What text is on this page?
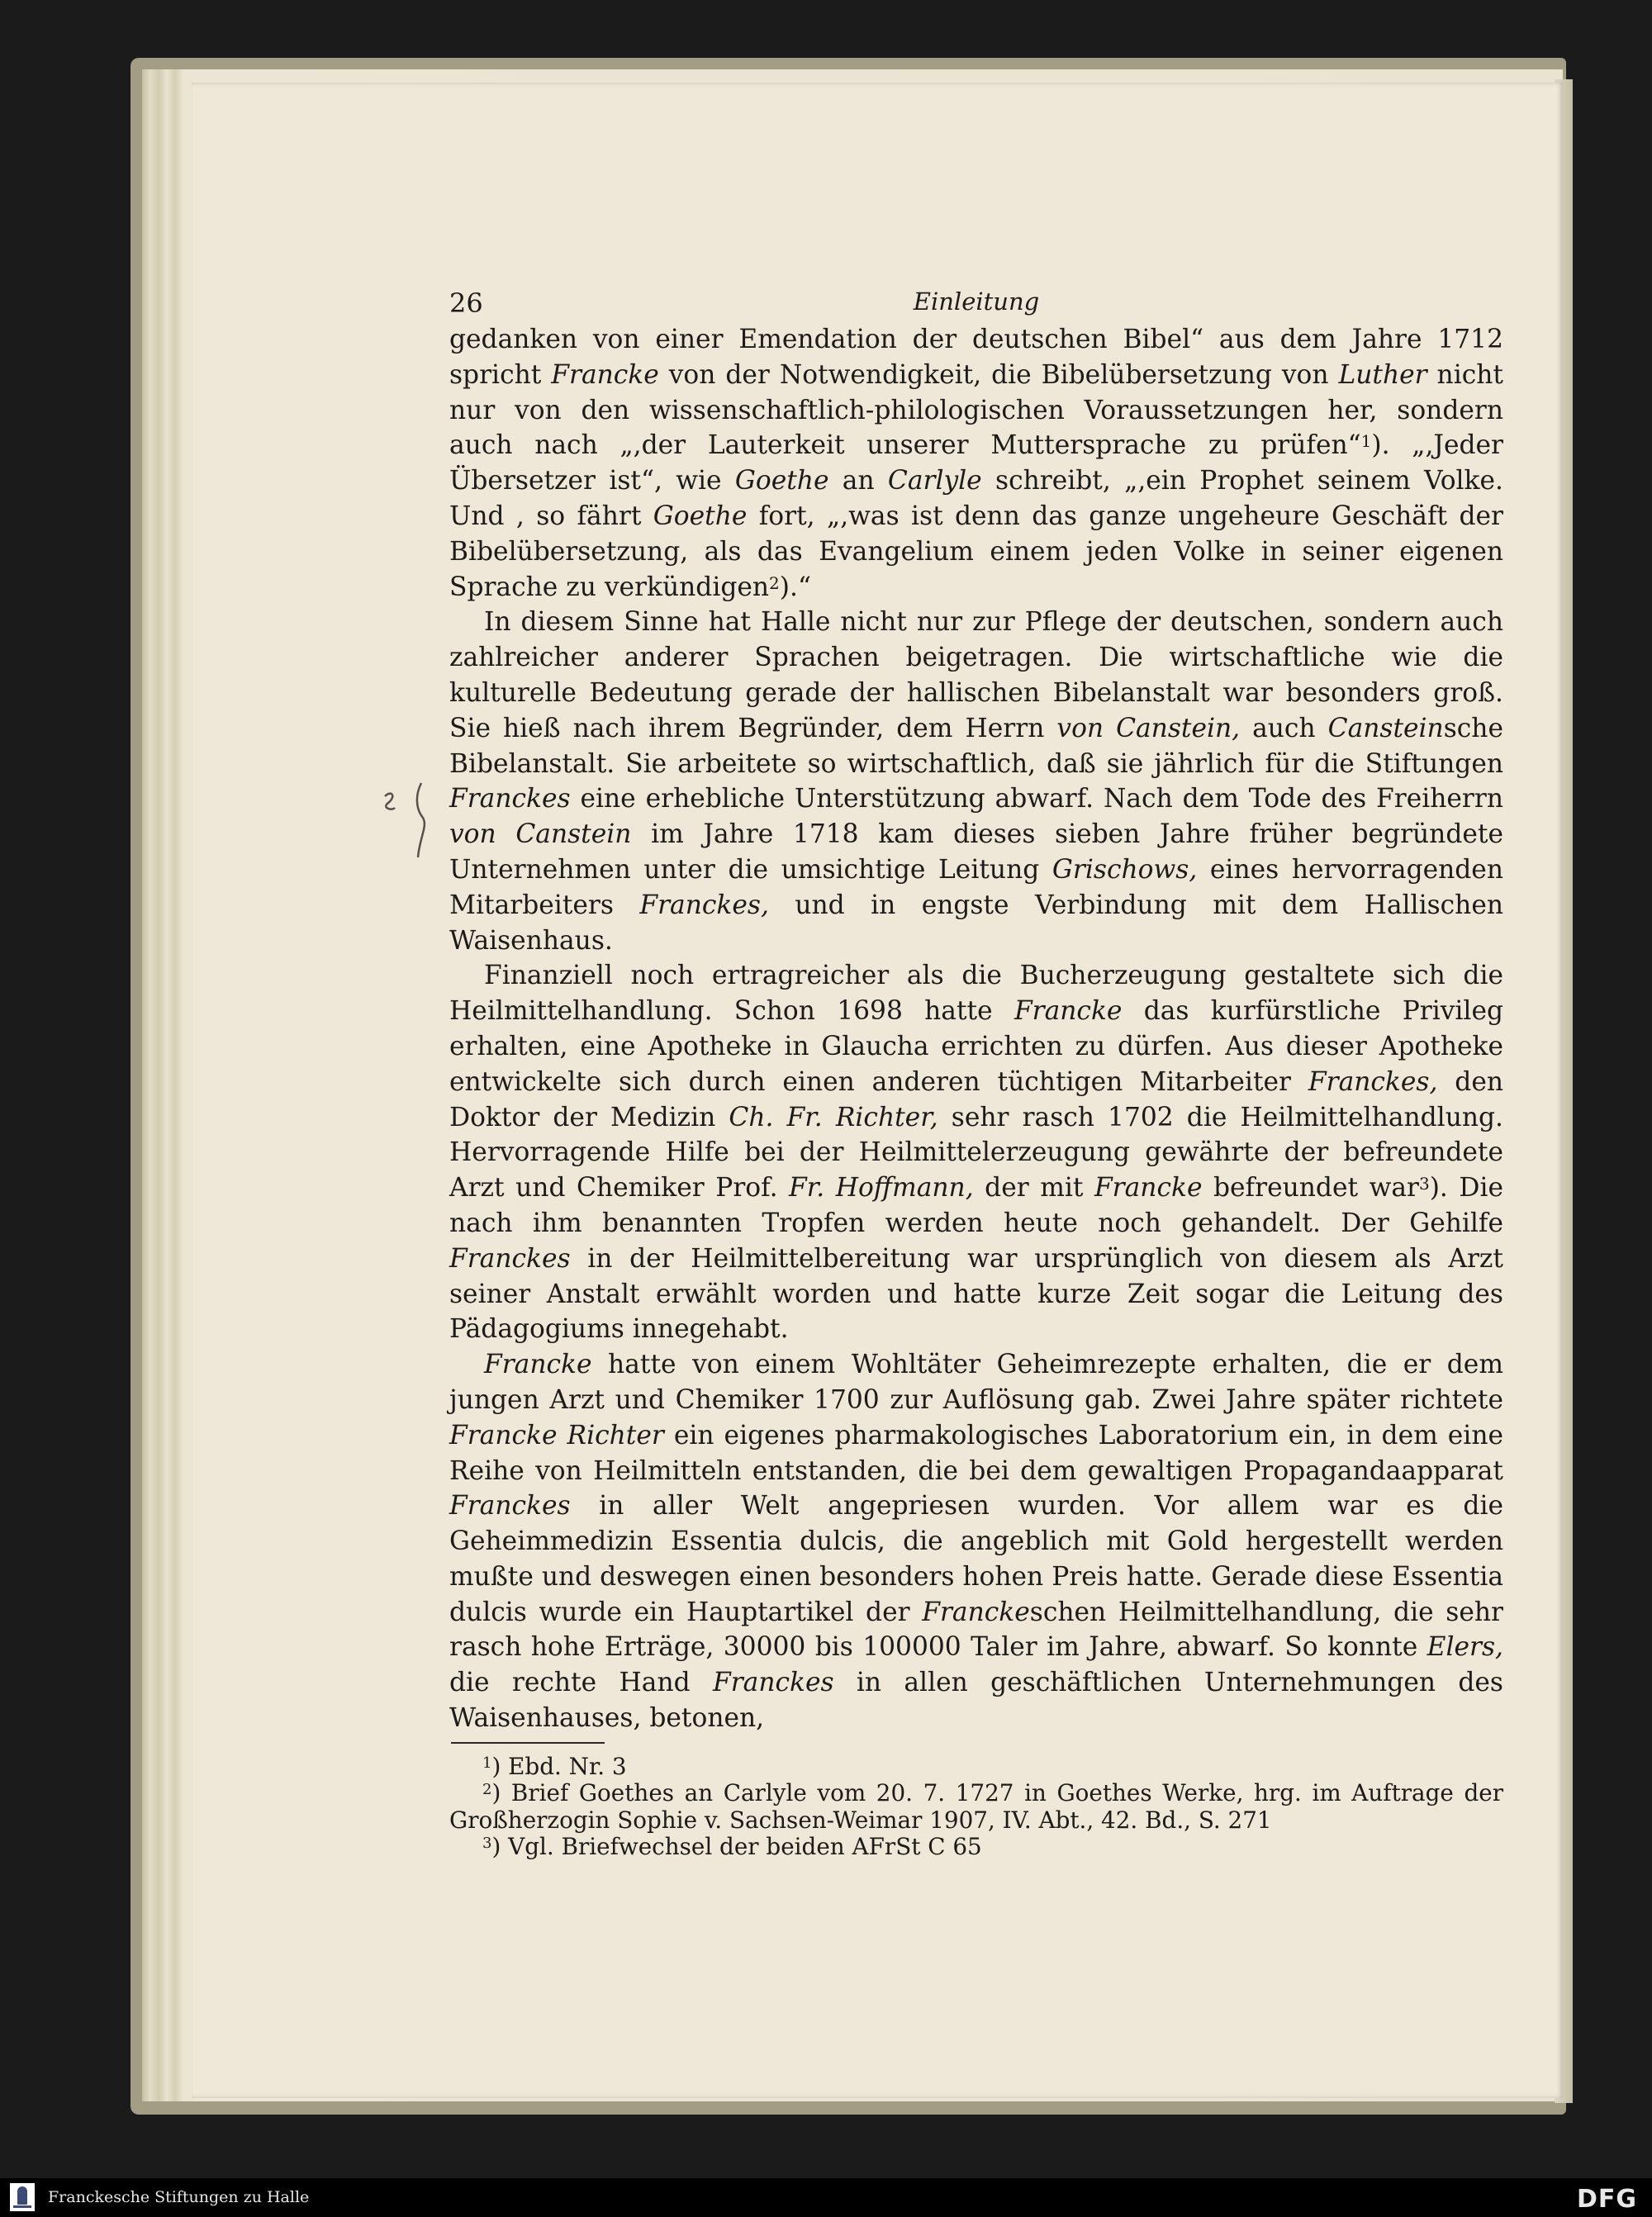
26	Einleitung

gedanken von einer Emendation der deutschen Bibel“ aus dem Jahre 1712 spricht Francke von der Notwendigkeit, die Bibelübersetzung von Luther nicht nur von den wissenschaftlich-philologischen Voraussetzungen her, sondern auch nach „,der Lauterkeit unserer Muttersprache zu prüfen“$^1$). „,Jeder Übersetzer ist“, wie Goethe an Carlyle schreibt, „,ein Prophet seinem Volke. Und , so fährt Goethe fort, „,was ist denn das ganze ungeheure Geschäft der Bibelübersetzung, als das Evangelium einem jeden Volke in seiner eigenen Sprache zu verkündigen$^2$).“

In diesem Sinne hat Halle nicht nur zur Pflege der deutschen, sondern auch zahlreicher anderer Sprachen beigetragen. Die wirtschaftliche wie die kulturelle Bedeutung gerade der hallischen Bibelanstalt war besonders groß. Sie hieß nach ihrem Begründer, dem Herrn von Canstein, auch Cansteinsche Bibelanstalt. Sie arbeitete so wirtschaftlich, daß sie jährlich für die Stiftungen Franckes eine erhebliche Unterstützung abwarf. Nach dem Tode des Freiherrn von Canstein im Jahre 1718 kam dieses sieben Jahre früher begründete Unternehmen unter die umsichtige Leitung Grischows, eines hervorragenden Mitarbeiters Franckes, und in engste Verbindung mit dem Hallischen Waisenhaus.

Finanziell noch ertragreicher als die Bucherzeugung gestaltete sich die Heilmittelhandlung. Schon 1698 hatte Francke das kurfürstliche Privileg erhalten, eine Apotheke in Glaucha errichten zu dürfen. Aus dieser Apotheke entwickelte sich durch einen anderen tüchtigen Mitarbeiter Franckes, den Doktor der Medizin Ch. Fr. Richter, sehr rasch 1702 die Heilmittelhandlung. Hervorragende Hilfe bei der Heilmittelerzeugung gewährte der befreundete Arzt und Chemiker Prof. Fr. Hoffmann, der mit Francke befreundet war$^3$). Die nach ihm benannten Tropfen werden heute noch gehandelt. Der Gehilfe Franckes in der Heilmittelbereitung war ursprünglich von diesem als Arzt seiner Anstalt erwählt worden und hatte kurze Zeit sogar die Leitung des Pädagogiums innegehabt.

Francke hatte von einem Wohltäter Geheimrezepte erhalten, die er dem jungen Arzt und Chemiker 1700 zur Auflösung gab. Zwei Jahre später richtete Francke Richter ein eigenes pharmakologisches Laboratorium ein, in dem eine Reihe von Heilmitteln entstanden, die bei dem gewaltigen Propagandaapparat Franckes in aller Welt angepriesen wurden. Vor allem war es die Geheimmedizin Essentia dulcis, die angeblich mit Gold hergestellt werden mußte und deswegen einen besonders hohen Preis hatte. Gerade diese Essentia dulcis wurde ein Hauptartikel der Franckeschen Heilmittelhandlung, die sehr rasch hohe Erträge, 30000 bis 100000 Taler im Jahre, abwarf. So konnte Elers, die rechte Hand Franckes in allen geschäftlichen Unternehmungen des Waisenhauses, betonen,

$^1$) Ebd. Nr. 3

$^2$) Brief Goethes an Carlyle vom 20. 7. 1727 in Goethes Werke, hrg. im Auftrage der Großherzogin Sophie v. Sachsen-Weimar 1907, IV. Abt., 42. Bd., S. 271

$^3$) Vgl. Briefwechsel der beiden AFrSt C 65

Franckesche Stiftungen zu Halle	DFG
